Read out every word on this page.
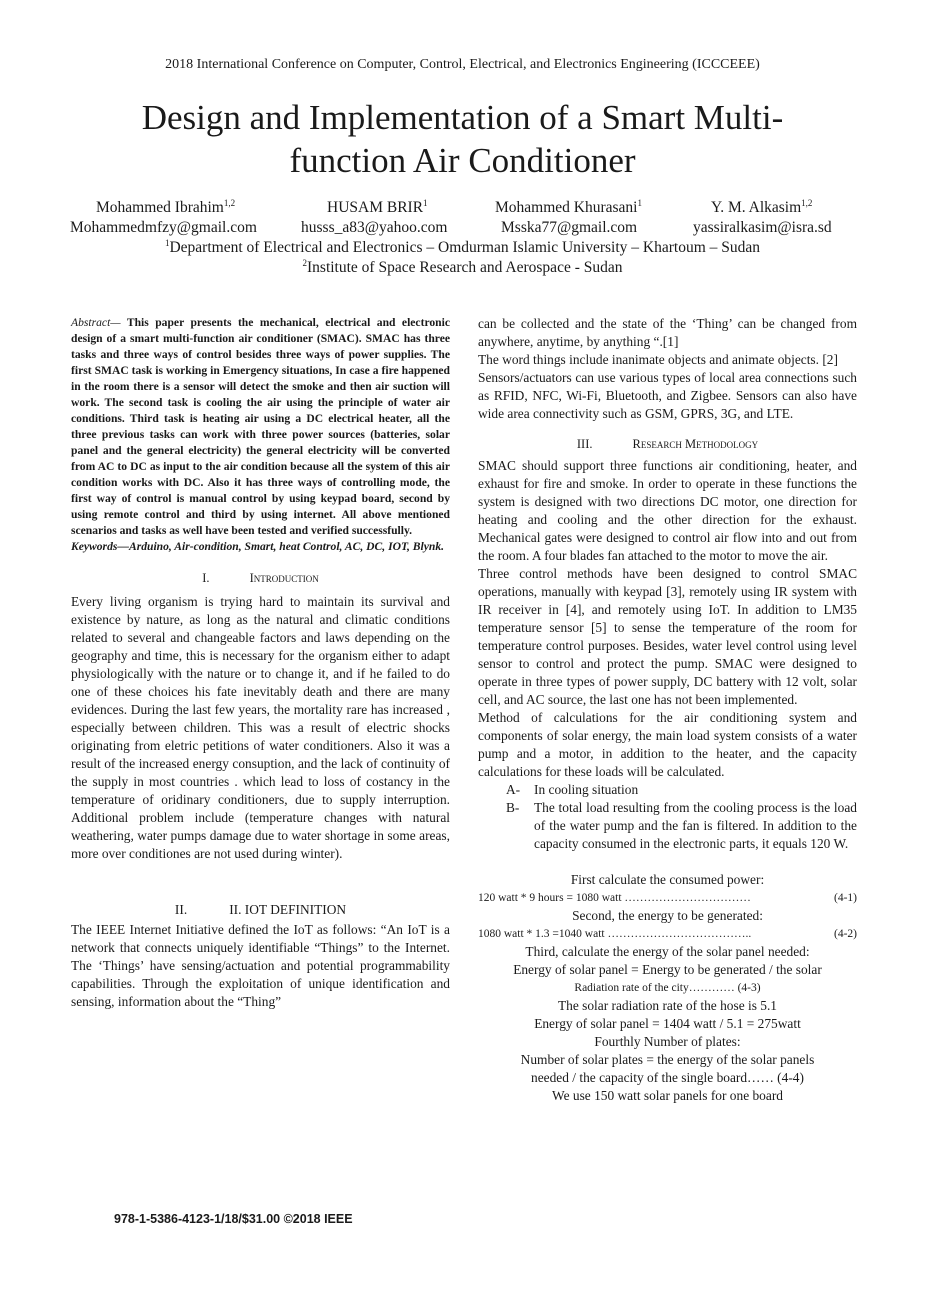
2018 International Conference on Computer, Control, Electrical, and Electronics Engineering (ICCCEEE)
Design and Implementation of a Smart Multi-
function Air Conditioner
Mohammed Ibrahim$^{1,2}$	HUSAM BRIR$^1$	Mohammed Khurasani$^1$	Y. M. Alkasim$^{1,2}$
Mohammedmfzy@gmail.com	husss_a83@yahoo.com	Msska77@gmail.com	yassiralkasim@isra.sd
$^1$Department of Electrical and Electronics – Omdurman Islamic University – Khartoum – Sudan
$^2$Institute of Space Research and Aerospace - Sudan

Abstract— This paper presents the mechanical, electrical and electronic design of a smart multi-function air conditioner (SMAC). SMAC has three tasks and three ways of control besides three ways of power supplies. The first SMAC task is working in Emergency situations, In case a fire happened in the room there is a sensor will detect the smoke and then air suction will work. The second task is cooling the air using the principle of water air conditions. Third task is heating air using a DC electrical heater, all the three previous tasks can work with three power sources (batteries, solar panel and the general electricity) the general electricity will be converted from AC to DC as input to the air condition because all the system of this air condition works with DC. Also it has three ways of controlling mode, the first way of control is manual control by using keypad board, second by using remote control and third by using internet. All above mentioned scenarios and tasks as well have been tested and verified successfully.

Keywords—Arduino, Air-condition, Smart, heat Control, AC, DC, IOT, Blynk.

I.	Introduction

Every living organism is trying hard to maintain its survival and existence by nature, as long as the natural and climatic conditions related to several and changeable factors and laws depending on the geography and time, this is necessary for the organism either to adapt physiologically with the nature or to change it, and if he failed to do one of these choices his fate inevitably death and there are many evidences. During the last few years, the mortality rare has increased , especially between children. This was a result of electric shocks originating from eletric petitions of water conditioners. Also it was a result of the increased energy consuption, and the lack of continuity of the supply in most countries . which lead to loss of costancy in the temperature of oridinary conditioners, due to supply interruption. Additional problem include (temperature changes with natural weathering, water pumps damage due to water shortage in some areas, more over conditiones are not used during winter).

II.	II. IOT DEFINITION

The IEEE Internet Initiative defined the IoT as follows: “An IoT is a network that connects uniquely identifiable “Things” to the Internet. The ‘Things’ have sensing/actuation and potential programmability capabilities. Through the exploitation of unique identification and sensing, information about the “Thing”

can be collected and the state of the ‘Thing’ can be changed from anywhere, anytime, by anything “.[1]

The word things include inanimate objects and animate objects. [2]

Sensors/actuators can use various types of local area connections such as RFID, NFC, Wi-Fi, Bluetooth, and Zigbee. Sensors can also have wide area connectivity such as GSM, GPRS, 3G, and LTE.

III.	Research Methodology

SMAC should support three functions air conditioning, heater, and exhaust for fire and smoke. In order to operate in these functions the system is designed with two directions DC motor, one direction for heating and cooling and the other direction for the exhaust. Mechanical gates were designed to control air flow into and out from the room. A four blades fan attached to the motor to move the air.

Three control methods have been designed to control SMAC operations, manually with keypad [3], remotely using IR system with IR receiver in [4], and remotely using IoT. In addition to LM35 temperature sensor [5] to sense the temperature of the room for temperature control purposes. Besides, water level control using level sensor to control and protect the pump. SMAC were designed to operate in three types of power supply, DC battery with 12 volt, solar cell, and AC source, the last one has not been implemented.

Method of calculations for the air conditioning system and components of solar energy, the main load system consists of a water pump and a motor, in addition to the heater, and the capacity calculations for these loads will be calculated.

A- In cooling situation
B- The total load resulting from the cooling process is the load of the water pump and the fan is filtered. In addition to the capacity consumed in the electronic parts, it equals 120 W.
First calculate the consumed power:
120 watt * 9 hours = 1080 watt ……………………………	(4-1)
Second, the energy to be generated:
1080 watt * 1.3 =1040 watt ………………………………..	(4-2)
Third, calculate the energy of the solar panel needed:
Energy of solar panel = Energy to be generated / the solar
Radiation rate of the city………… (4-3)
The solar radiation rate of the hose is 5.1
Energy of solar panel = 1404 watt / 5.1 = 275watt
Fourthly Number of plates:
Number of solar plates = the energy of the solar panels
needed / the capacity of the single board…… (4-4)
We use 150 watt solar panels for one board
978-1-5386-4123-1/18/$31.00 ©2018 IEEE
